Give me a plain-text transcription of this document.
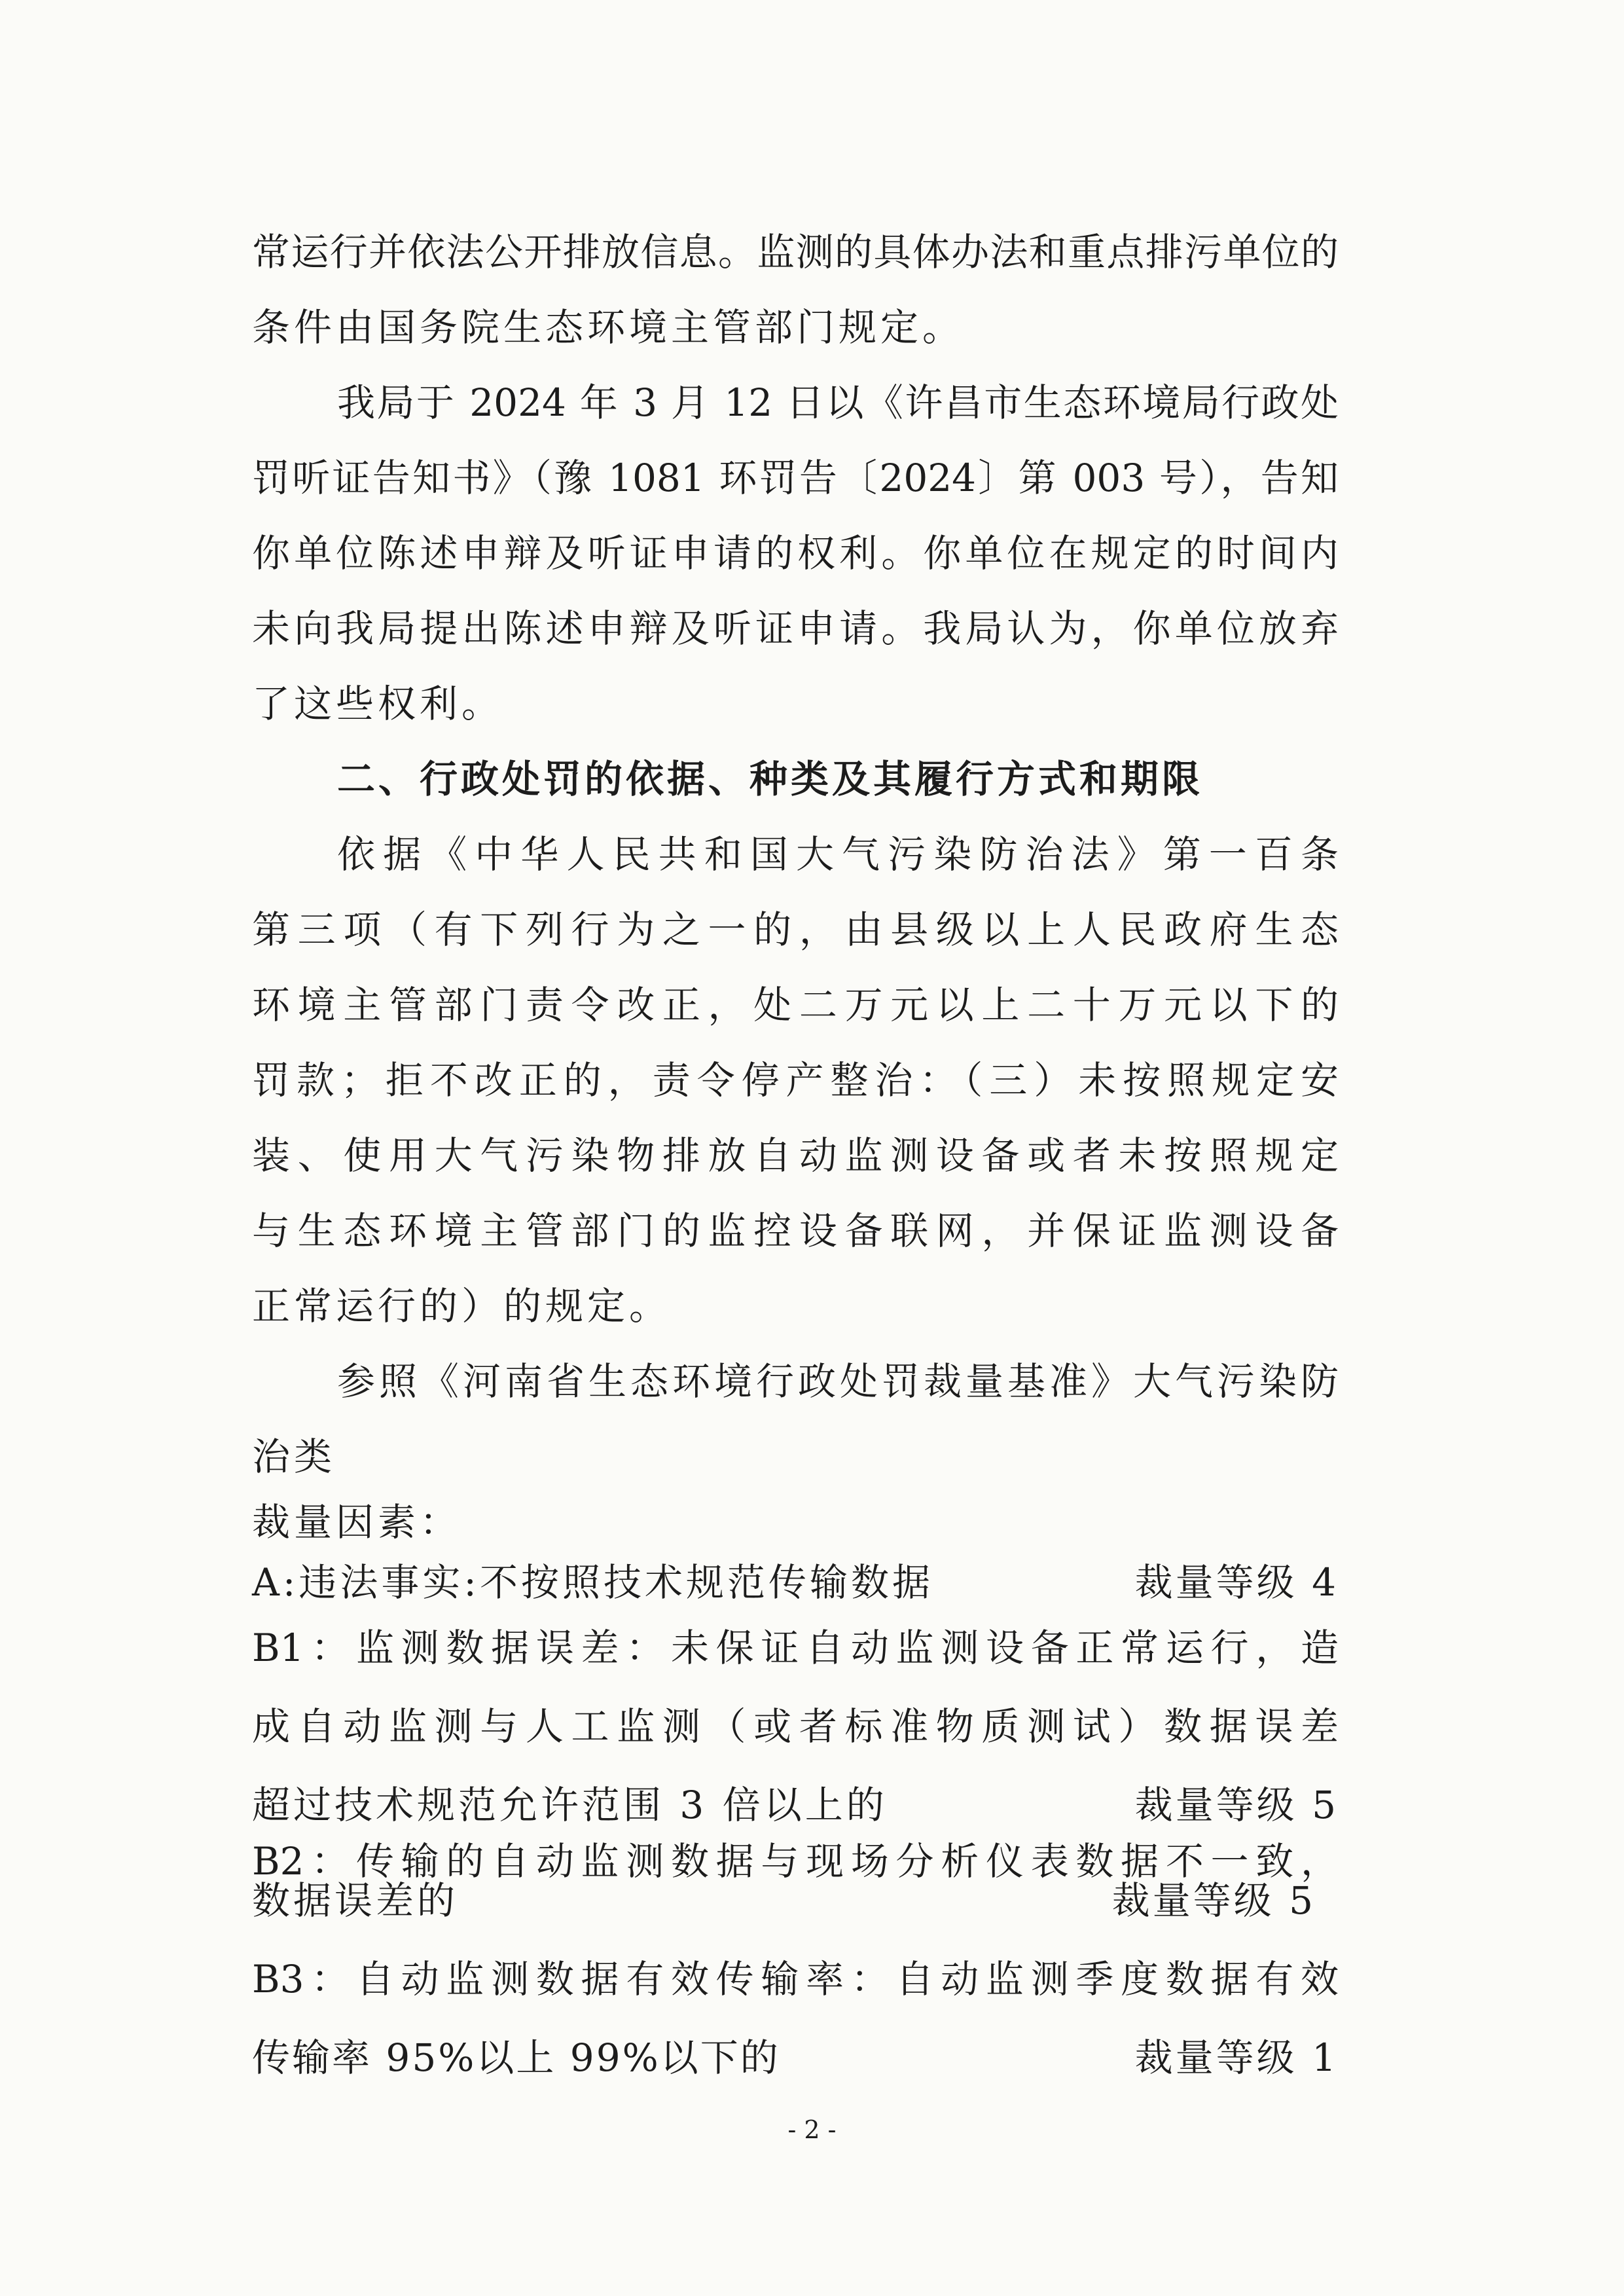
常运行并依法公开排放信息。监测的具体办法和重点排污单位的
条件由国务院生态环境主管部门规定。
我局于 2024 年 3 月 12 日以《许昌市生态环境局行政处
罚听证告知书》（豫 1081 环罚告〔2024〕第 003 号），告知
你单位陈述申辩及听证申请的权利。你单位在规定的时间内
未向我局提出陈述申辩及听证申请。我局认为，你单位放弃
了这些权利。
二、行政处罚的依据、种类及其履行方式和期限
依据《中华人民共和国大气污染防治法》第一百条
第三项（有下列行为之一的，由县级以上人民政府生态
环境主管部门责令改正，处二万元以上二十万元以下的
罚款；拒不改正的，责令停产整治：（三）未按照规定安
装、使用大气污染物排放自动监测设备或者未按照规定
与生态环境主管部门的监控设备联网，并保证监测设备
正常运行的）的规定。
参照《河南省生态环境行政处罚裁量基准》大气污染防
治类
裁量因素：
A:违法事实:不按照技术规范传输数据	裁量等级 4
B1：监测数据误差：未保证自动监测设备正常运行，造
成自动监测与人工监测（或者标准物质测试）数据误差
超过技术规范允许范围 3 倍以上的	裁量等级 5
B2：传输的自动监测数据与现场分析仪表数据不一致，
数据误差的	裁量等级 5
B3：自动监测数据有效传输率：自动监测季度数据有效
传输率 95%以上 99%以下的	裁量等级 1
- 2 -
